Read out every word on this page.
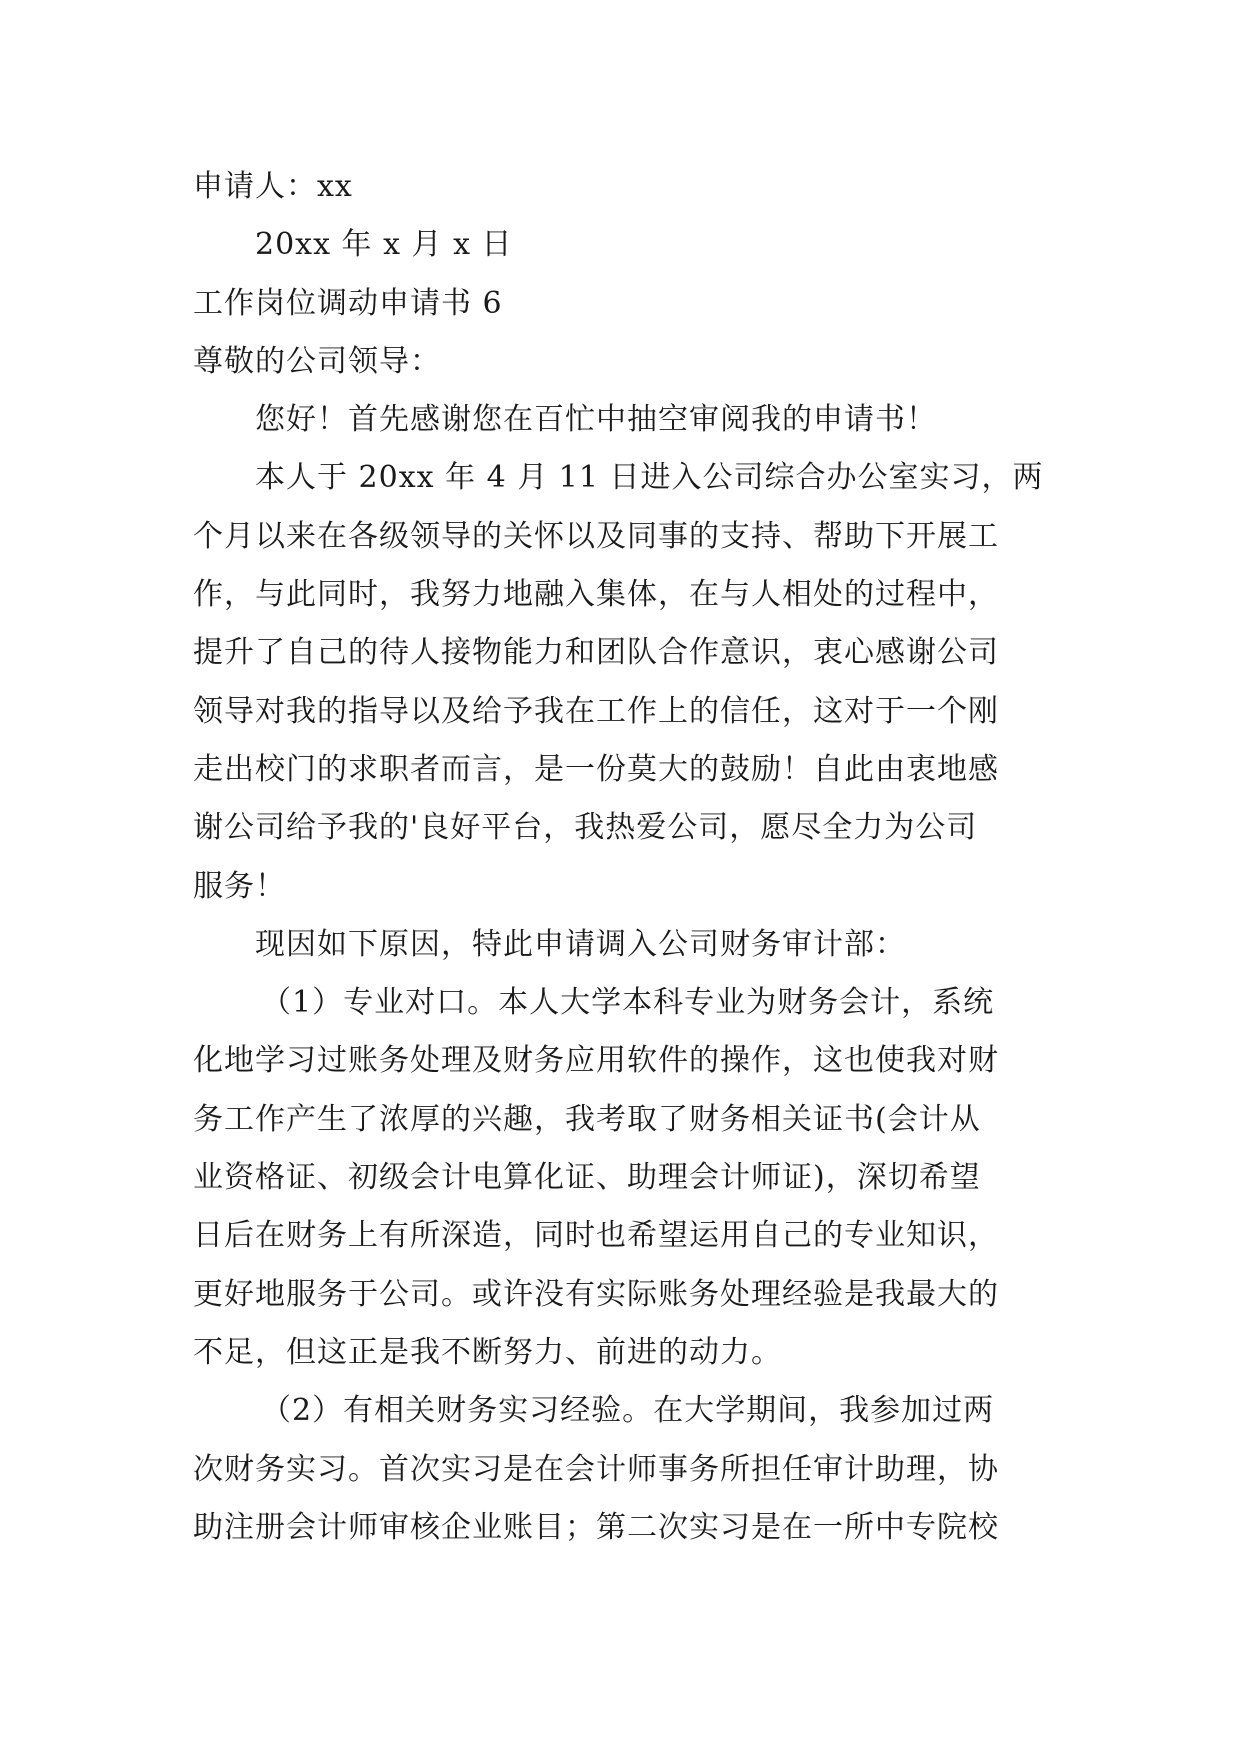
申请人：xx
20xx 年 x 月 x 日
工作岗位调动申请书 6
尊敬的公司领导：
您好！首先感谢您在百忙中抽空审阅我的申请书！
本人于 20xx 年 4 月 11 日进入公司综合办公室实习，两
个月以来在各级领导的关怀以及同事的支持、帮助下开展工
作，与此同时，我努力地融入集体，在与人相处的过程中，
提升了自己的待人接物能力和团队合作意识，衷心感谢公司
领导对我的指导以及给予我在工作上的信任，这对于一个刚
走出校门的求职者而言，是一份莫大的鼓励！自此由衷地感
谢公司给予我的'良好平台，我热爱公司，愿尽全力为公司
服务！
现因如下原因，特此申请调入公司财务审计部：
（1）专业对口。本人大学本科专业为财务会计，系统
化地学习过账务处理及财务应用软件的操作，这也使我对财
务工作产生了浓厚的兴趣，我考取了财务相关证书(会计从
业资格证、初级会计电算化证、助理会计师证)，深切希望
日后在财务上有所深造，同时也希望运用自己的专业知识，
更好地服务于公司。或许没有实际账务处理经验是我最大的
不足，但这正是我不断努力、前进的动力。
（2）有相关财务实习经验。在大学期间，我参加过两
次财务实习。首次实习是在会计师事务所担任审计助理，协
助注册会计师审核企业账目；第二次实习是在一所中专院校
